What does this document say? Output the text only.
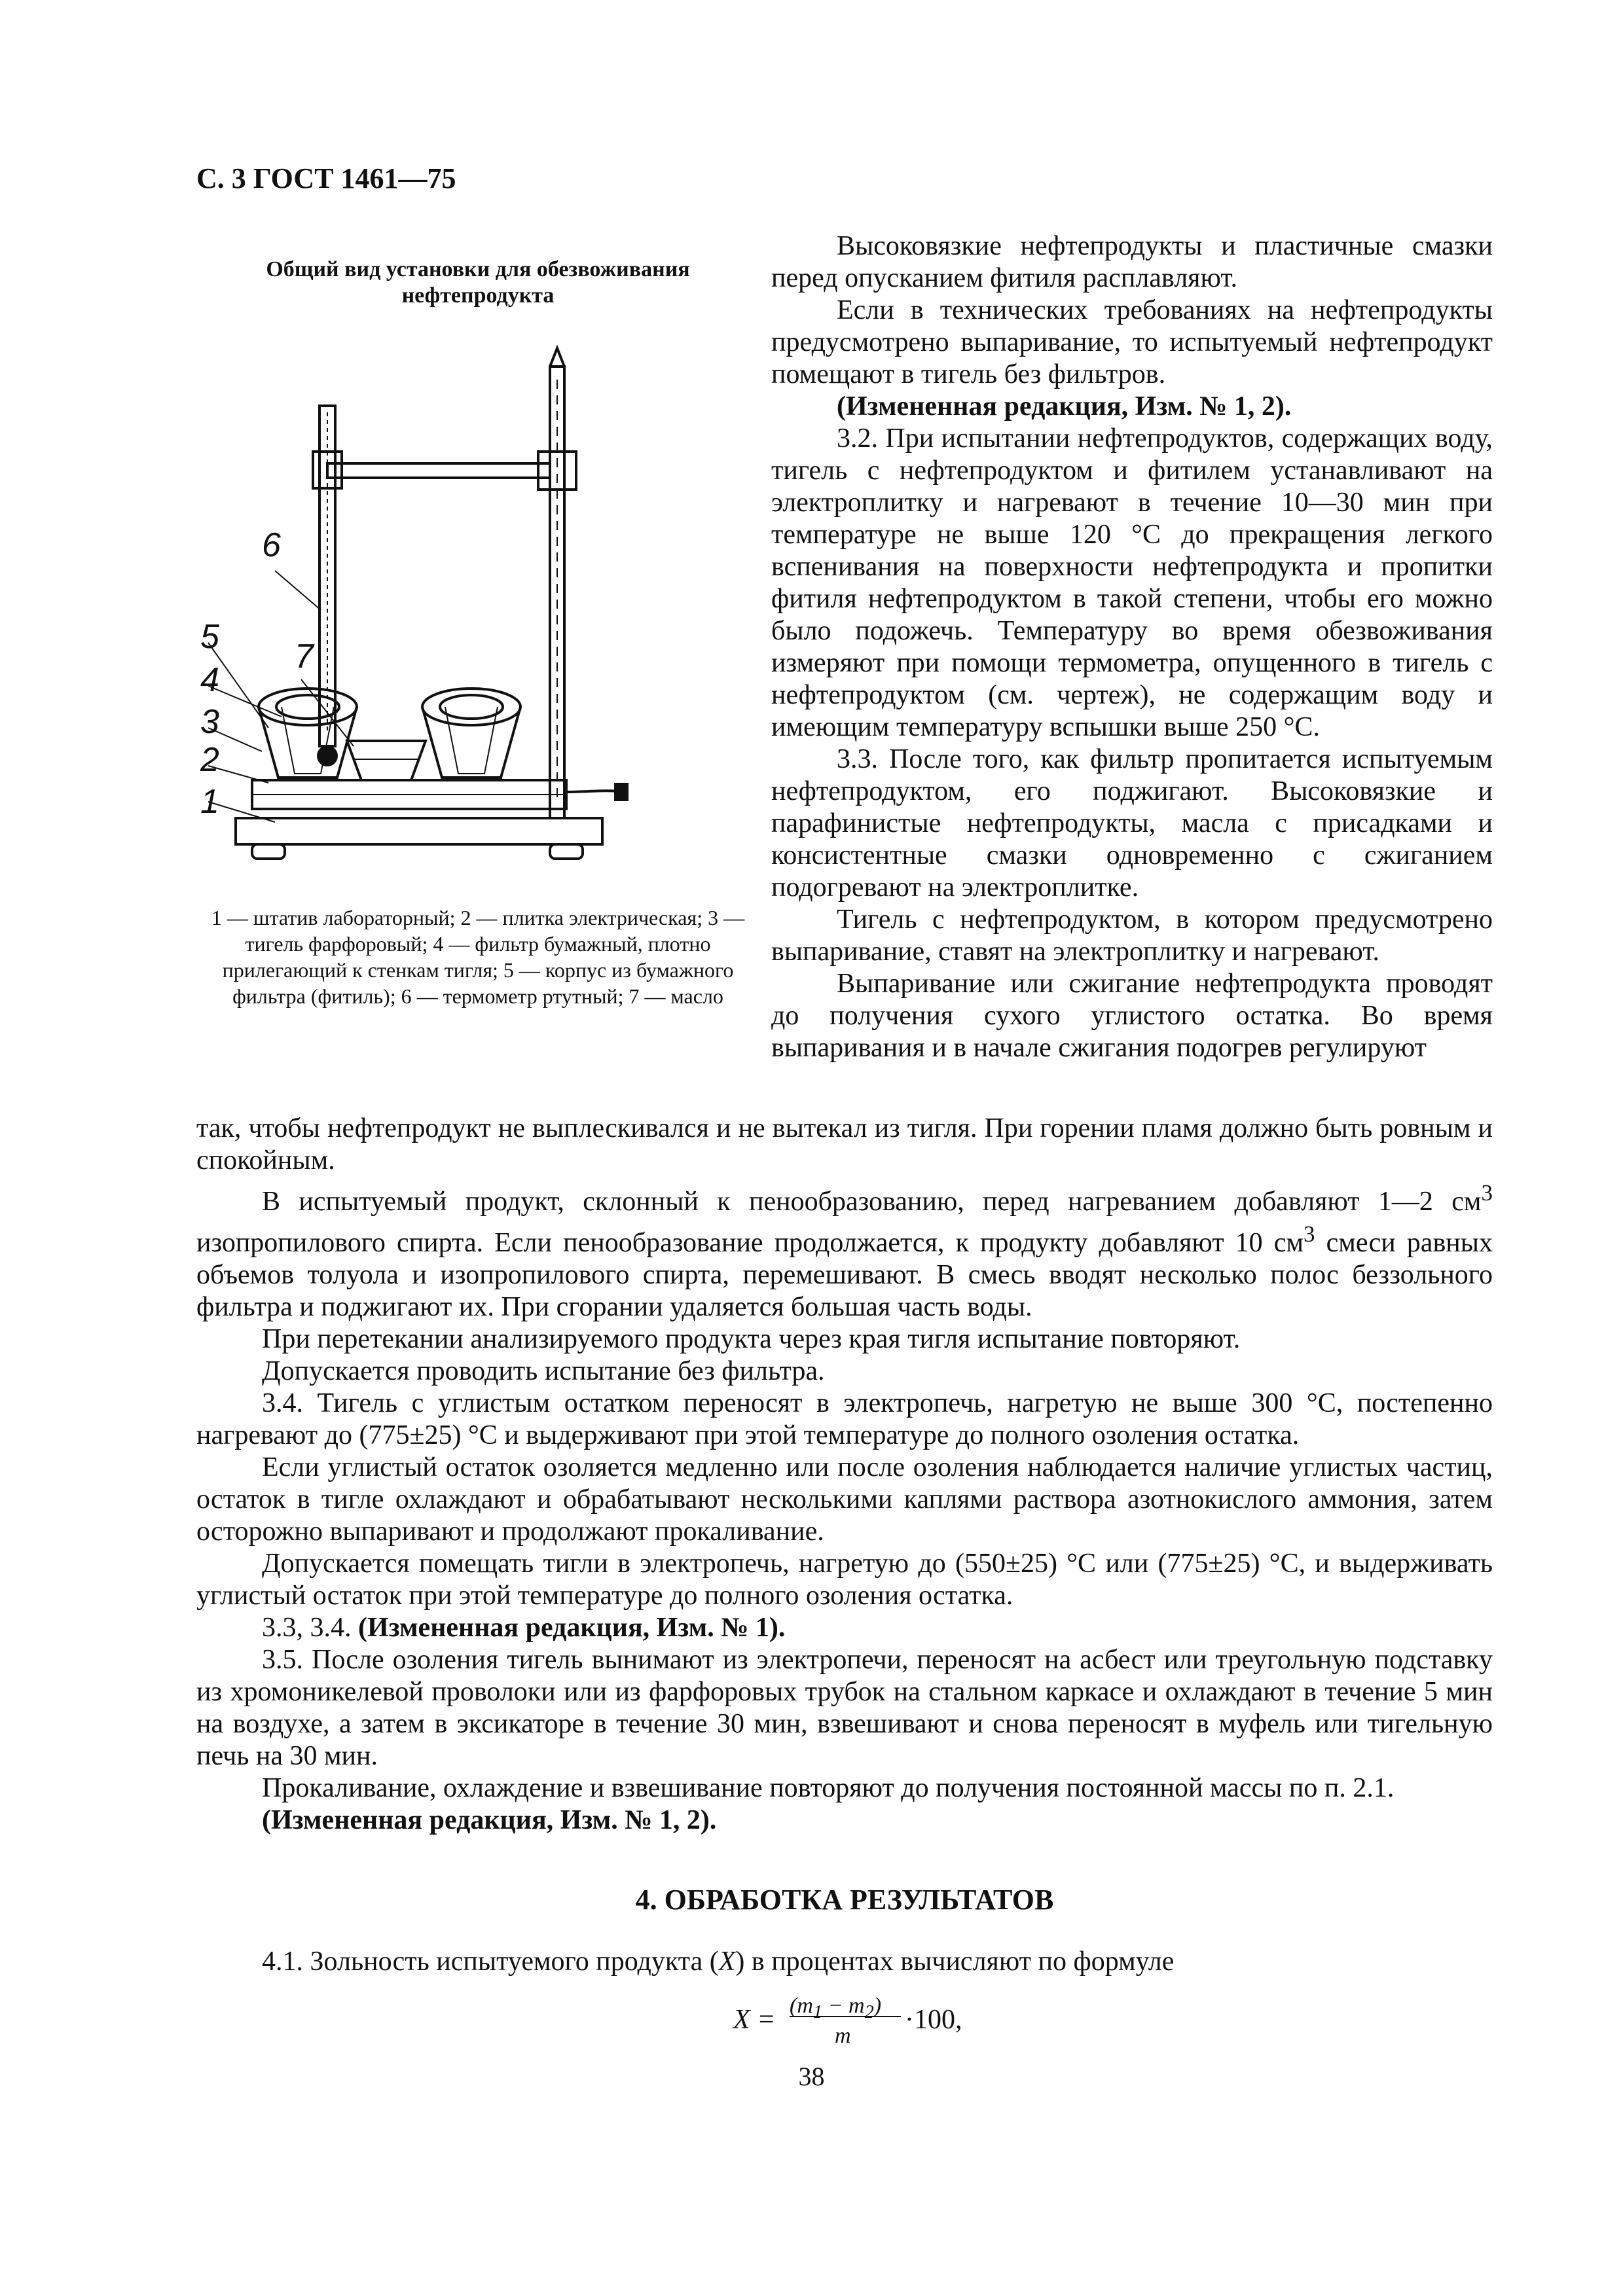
С. 3 ГОСТ 1461—75
Общий вид установки для обезвоживания нефтепродукта
1
2
3
4
5
6
7
1 — штатив лабораторный; 2 — плитка электрическая; 3 — тигель фарфоровый; 4 — фильтр бумажный, плотно прилегающий к стенкам тигля; 5 — корпус из бумажного фильтра (фитиль); 6 — термометр ртутный; 7 — масло

Высоковязкие нефтепродукты и пластичные смазки перед опусканием фитиля расплавляют.

Если в технических требованиях на нефтепродукты предусмотрено выпаривание, то испытуемый нефтепродукт помещают в тигель без фильтров.

(Измененная редакция, Изм. № 1, 2).

3.2. При испытании нефтепродуктов, содержащих воду, тигель с нефтепродуктом и фитилем устанавливают на электроплитку и нагревают в течение 10—30 мин при температуре не выше 120 °С до прекращения легкого вспенивания на поверхности нефтепродукта и пропитки фитиля нефтепродуктом в такой степени, чтобы его можно было подожечь. Температуру во время обезвоживания измеряют при помощи термометра, опущенного в тигель с нефтепродуктом (см. чертеж), не содержащим воду и имеющим температуру вспышки выше 250 °С.

3.3. После того, как фильтр пропитается испытуемым нефтепродуктом, его поджигают. Высоковязкие и парафинистые нефтепродукты, масла с присадками и консистентные смазки одновременно с сжиганием подогревают на электроплитке.

Тигель с нефтепродуктом, в котором предусмотрено выпаривание, ставят на электроплитку и нагревают.

Выпаривание или сжигание нефтепродукта проводят до получения сухого углистого остатка. Во время выпаривания и в начале сжигания подогрев регулируют

так, чтобы нефтепродукт не выплескивался и не вытекал из тигля. При горении пламя должно быть ровным и спокойным.

В испытуемый продукт, склонный к пенообразованию, перед нагреванием добавляют 1—2 $см^3$ изопропилового спирта. Если пенообразование продолжается, к продукту добавляют 10 $см^3$ смеси равных объемов толуола и изопропилового спирта, перемешивают. В смесь вводят несколько полос беззольного фильтра и поджигают их. При сгорании удаляется большая часть воды.

При перетекании анализируемого продукта через края тигля испытание повторяют.

Допускается проводить испытание без фильтра.

3.4. Тигель с углистым остатком переносят в электропечь, нагретую не выше 300 °С, постепенно нагревают до (775±25) °С и выдерживают при этой температуре до полного озоления остатка.

Если углистый остаток озоляется медленно или после озоления наблюдается наличие углистых частиц, остаток в тигле охлаждают и обрабатывают несколькими каплями раствора азотнокислого аммония, затем осторожно выпаривают и продолжают прокаливание.

Допускается помещать тигли в электропечь, нагретую до (550±25) °С или (775±25) °С, и выдерживать углистый остаток при этой температуре до полного озоления остатка.

3.3, 3.4. (Измененная редакция, Изм. № 1).

3.5. После озоления тигель вынимают из электропечи, переносят на асбест или треугольную подставку из хромоникелевой проволоки или из фарфоровых трубок на стальном каркасе и охлаждают в течение 5 мин на воздухе, а затем в эксикаторе в течение 30 мин, взвешивают и снова переносят в муфель или тигельную печь на 30 мин.

Прокаливание, охлаждение и взвешивание повторяют до получения постоянной массы по п. 2.1.

(Измененная редакция, Изм. № 1, 2).

4. ОБРАБОТКА РЕЗУЛЬТАТОВ

4.1. Зольность испытуемого продукта (X) в процентах вычисляют по формуле

$X = (m_1 - m_2)$
m
·100,
38
